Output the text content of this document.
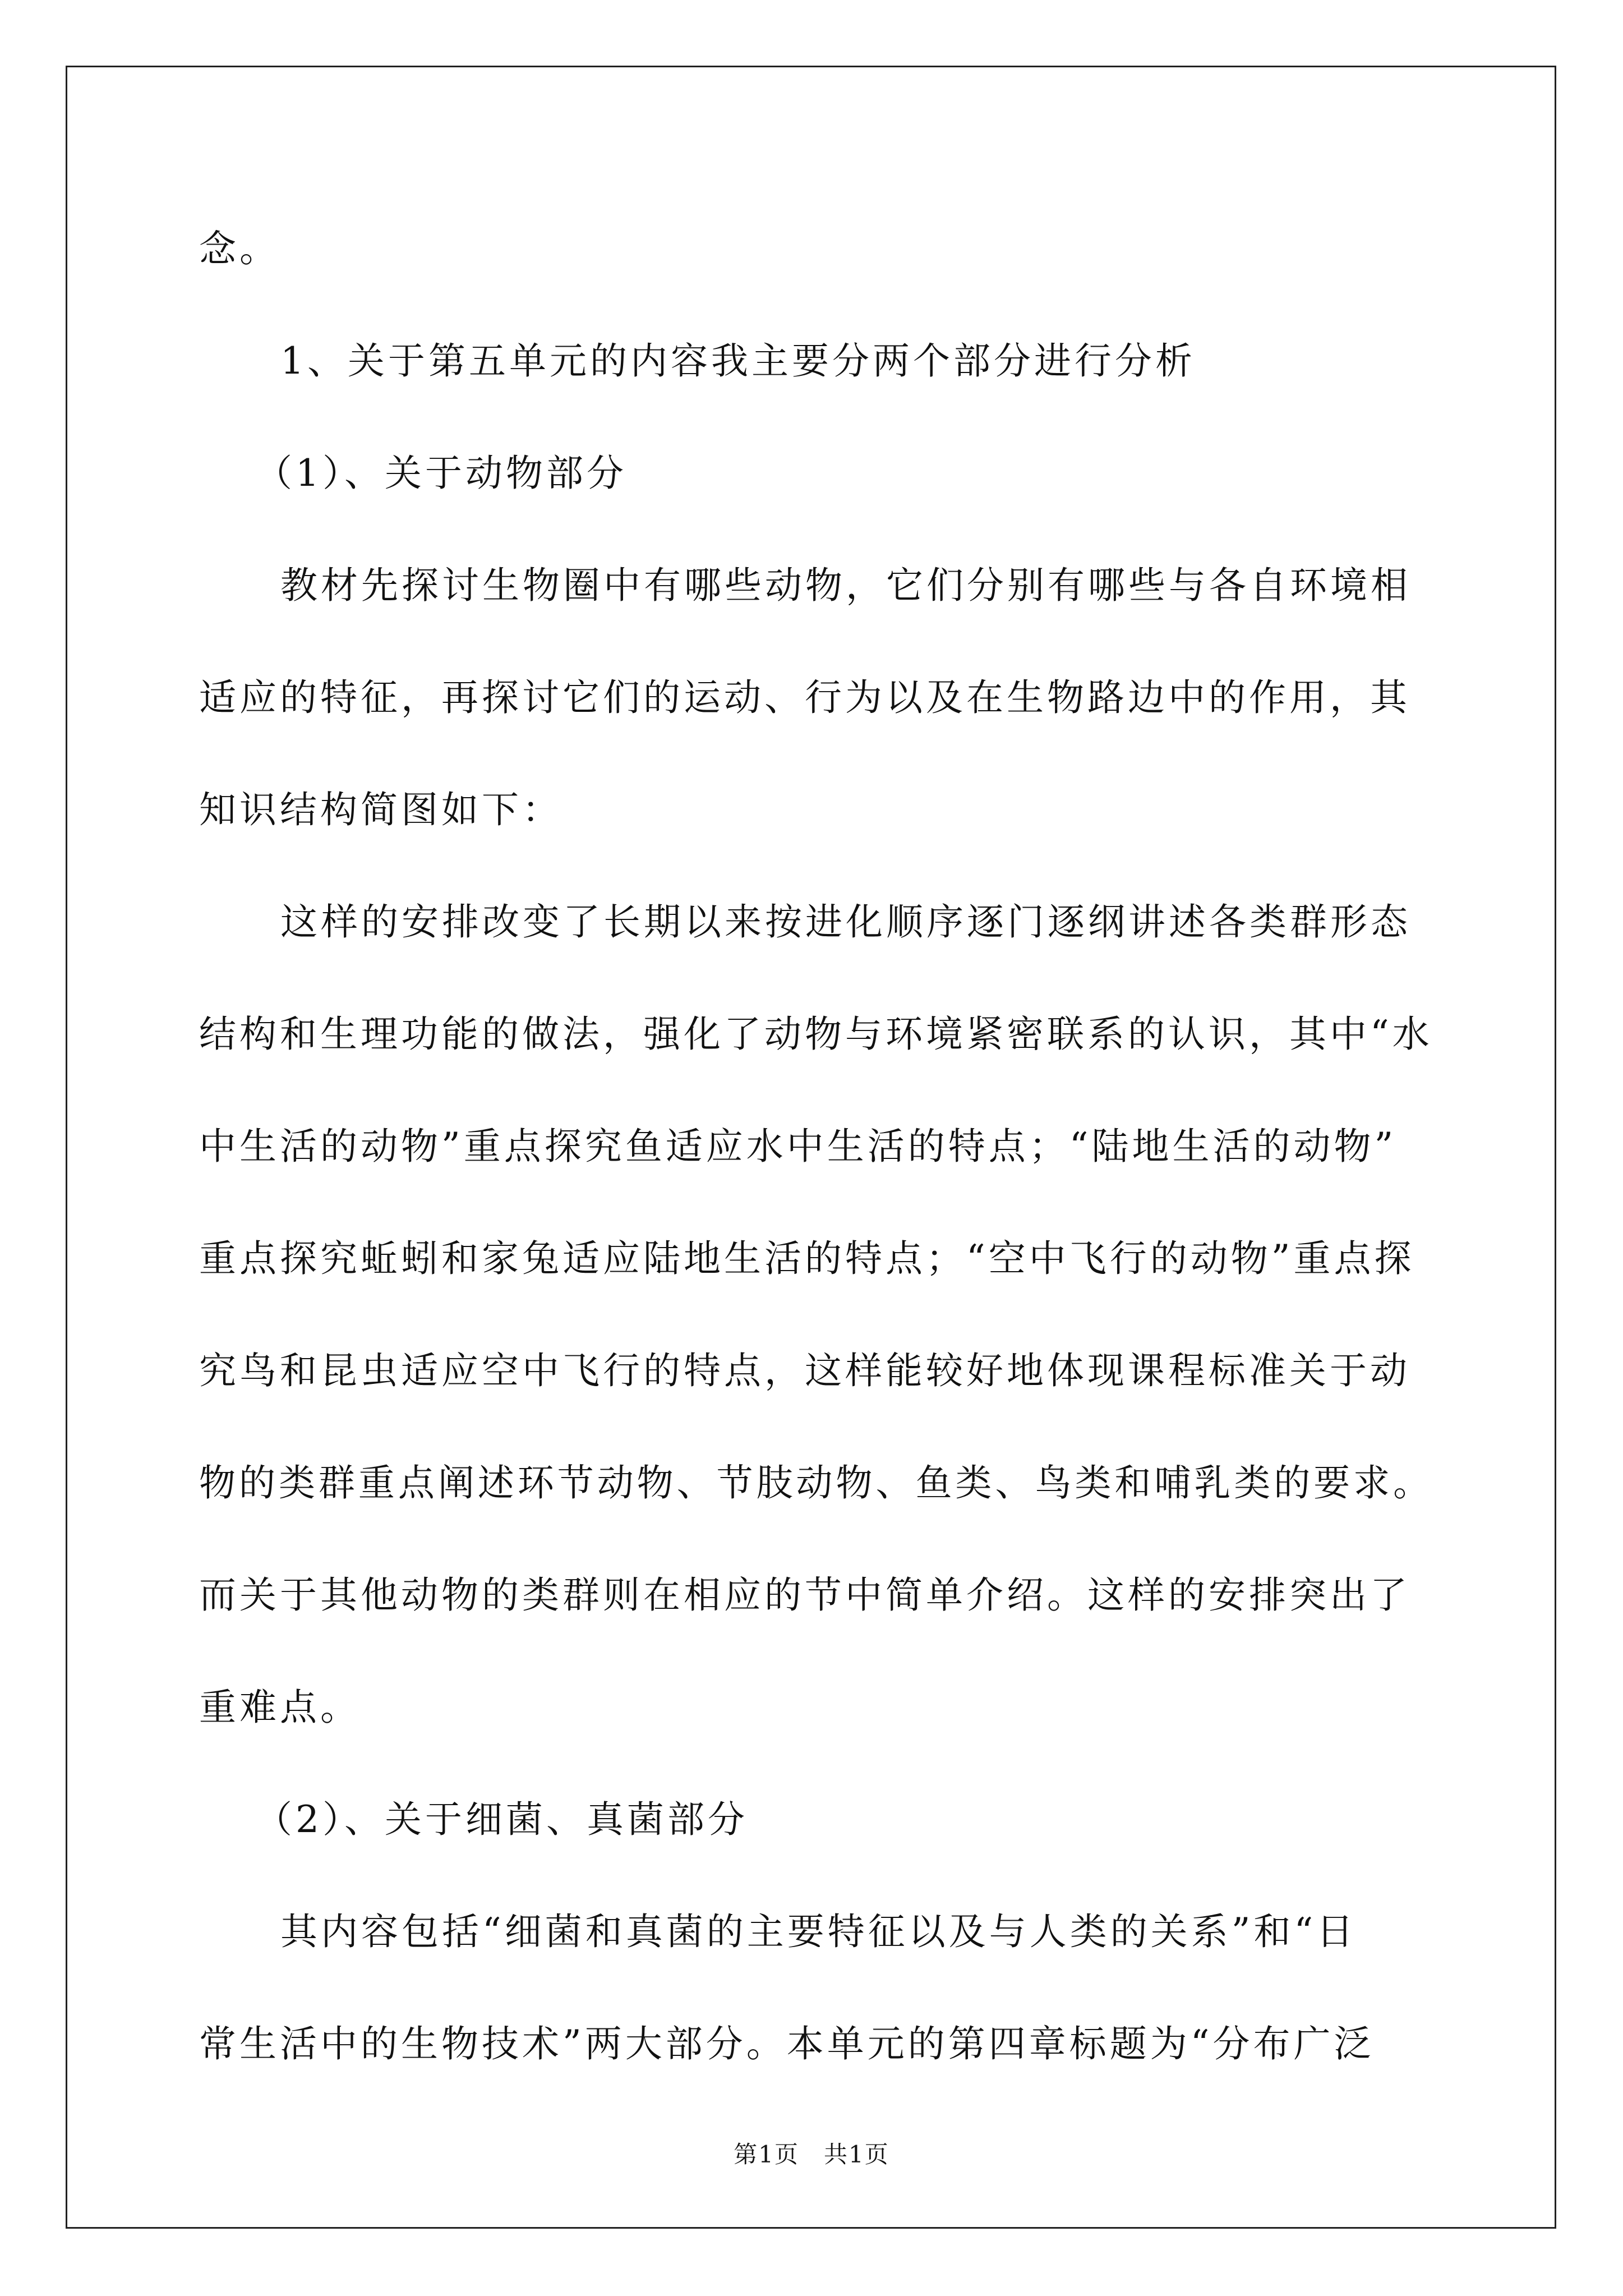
念。
1、关于第五单元的内容我主要分两个部分进行分析
（1）、关于动物部分
教材先探讨生物圈中有哪些动物，它们分别有哪些与各自环境相
适应的特征，再探讨它们的运动、行为以及在生物路边中的作用，其
知识结构简图如下：
这样的安排改变了长期以来按进化顺序逐门逐纲讲述各类群形态
结构和生理功能的做法，强化了动物与环境紧密联系的认识，其中“水
中生活的动物”重点探究鱼适应水中生活的特点；“陆地生活的动物”
重点探究蚯蚓和家兔适应陆地生活的特点；“空中飞行的动物”重点探
究鸟和昆虫适应空中飞行的特点，这样能较好地体现课程标准关于动
物的类群重点阐述环节动物、节肢动物、鱼类、鸟类和哺乳类的要求。
而关于其他动物的类群则在相应的节中简单介绍。这样的安排突出了
重难点。
（2）、关于细菌、真菌部分
其内容包括“细菌和真菌的主要特征以及与人类的关系”和“日
常生活中的生物技术”两大部分。本单元的第四章标题为“分布广泛
第1页　共1页
